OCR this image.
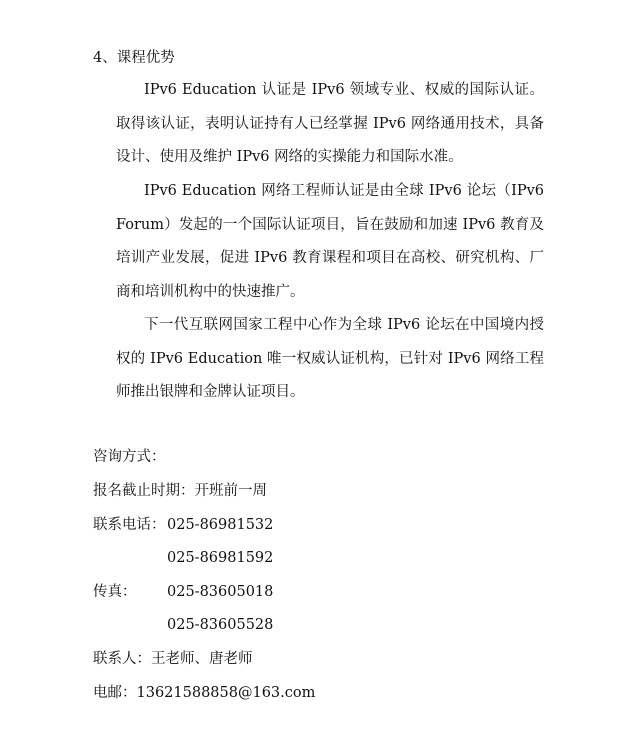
4、课程优势
IPv6 Education 认证是 IPv6 领域专业、权威的国际认证。取得该认证，表明认证持有人已经掌握 IPv6 网络通用技术，具备设计、使用及维护 IPv6 网络的实操能力和国际水准。
IPv6 Education 网络工程师认证是由全球 IPv6 论坛（IPv6 Forum）发起的一个国际认证项目，旨在鼓励和加速 IPv6 教育及培训产业发展，促进 IPv6 教育课程和项目在高校、研究机构、厂商和培训机构中的快速推广。
下一代互联网国家工程中心作为全球 IPv6 论坛在中国境内授权的 IPv6 Education 唯一权威认证机构，已针对 IPv6 网络工程师推出银牌和金牌认证项目。
咨询方式：
报名截止时期：开班前一周
联系电话： 025-86981532
025-86981592
传真： 025-83605018
025-83605528
联系人：王老师、唐老师
电邮：13621588858@163.com
